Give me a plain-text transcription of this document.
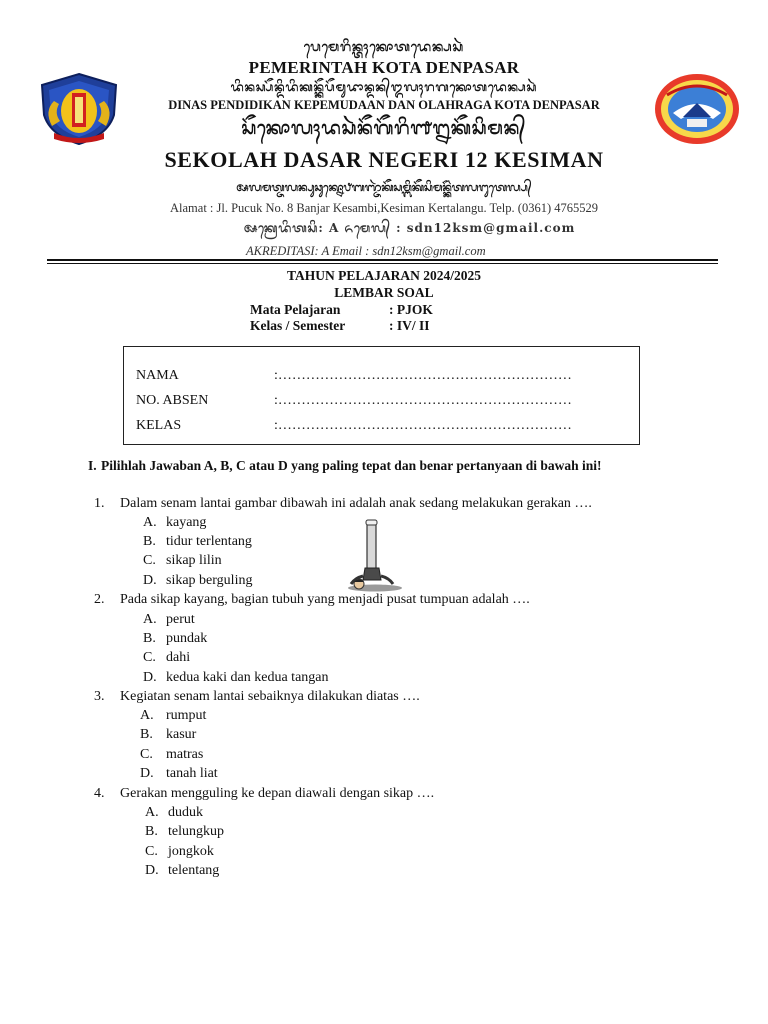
ᬧᬾᬫᬾᬭᬶᬦ᭄ᬢᬄᬓᭀᬢᬤᬾᬦ᭄ᬧᬲᬃ
PEMERINTAH KOTA DENPASAR
ᬤᬶᬦᬲ᭄ᬧᭂᬦ᭄ᬤᬶᬤᬶᬓᬦ᭄ᬓᭂᬧᭂᬫᬸᬤᬵᬦ᭄ᬤᬦ᭄ᬑᬮᬄᬭᬕᬓᭀᬢᬤᬾᬦ᭄ᬧᬲᬃ
DINAS PENDIDIKAN KEPEMUDAAN DAN OLAHRAGA KOTA DENPASAR
ᬲᭂᬓᭀᬮᬄᬤᬲᬃᬦᭂᬕᭂᬭᬶ᭑᭒ᬓᭂᬲᬶᬫᬦ᭄
SEKOLAH DASAR NEGERI 12 KESIMAN
ᬅᬮᬫᬢ᭄ᬚᬮᬦ᭄ᬧᬸᬘᬸᬓ᭄ᬦᭀ᭘ᬩᬜ᭄ᬚᬃᬓᭂᬲᬫ᭄ᬩᬶᬓᭂᬲᬶᬫᬦ᭄ᬓᭂᬃᬢᬮᬗᬸᬢᬾᬮ᭄ᬧ᭄
Alamat : Jl. Pucuk No. 8 Banjar Kesambi,Kesiman Kertalangu. Telp. (0361) 4765529
ᬅᬓ᭄ᬭᬾᬤᬶᬢᬲᬶ: A ᬏᬫᬾᬮ᭄ : sdn12ksm@gmail.com
AKREDITASI: A Email : sdn12ksm@gmail.com
TAHUN PELAJARAN 2024/2025
LEMBAR SOAL
Mata Pelajaran	: PJOK
Kelas / Semester	: IV/ II
NAMA	:………………………………………………………
NO. ABSEN	:………………………………………………………
KELAS	:………………………………………………………
I. Pilihlah Jawaban A, B, C atau D yang paling tepat dan benar pertanyaan di bawah ini!
1. Dalam senam lantai gambar dibawah ini adalah anak sedang melakukan gerakan ….
A. kayang
B. tidur terlentang
C. sikap lilin
D. sikap berguling
2. Pada sikap kayang, bagian tubuh yang menjadi pusat tumpuan adalah ….
A. perut
B. pundak
C. dahi
D. kedua kaki dan kedua tangan
3. Kegiatan senam lantai sebaiknya dilakukan diatas ….
A. rumput
B. kasur
C. matras
D. tanah liat
4. Gerakan mengguling ke depan diawali dengan sikap ….
A. duduk
B. telungkup
C. jongkok
D. telentang
